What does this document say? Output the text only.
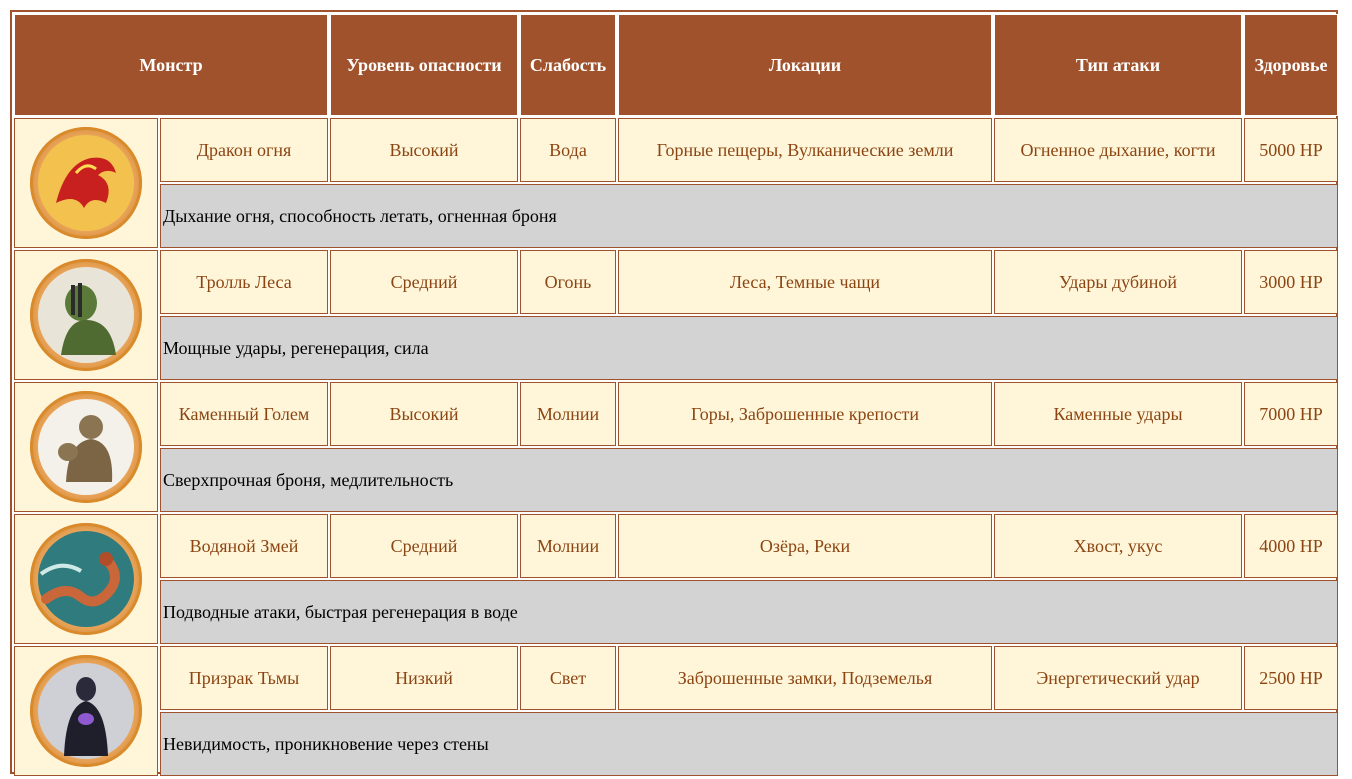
Монстр		Уровень опасности	Слабость	Локации	Тип атаки	Здоровье

	Дракон огня	Высокий	Вода	Горные пещеры, Вулканические земли	Огненное дыхание, когти	5000 HP
	Дыхание огня, способность летать, огненная броня					

	Тролль Леса	Средний	Огонь	Леса, Темные чащи	Удары дубиной	3000 HP
	Мощные удары, регенерация, сила					

	Каменный Голем	Высокий	Молнии	Горы, Заброшенные крепости	Каменные удары	7000 HP
	Сверхпрочная броня, медлительность					

	Водяной Змей	Средний	Молнии	Озёра, Реки	Хвост, укус	4000 HP
	Подводные атаки, быстрая регенерация в воде					

	Призрак Тьмы	Низкий	Свет	Заброшенные замки, Подземелья	Энергетический удар	2500 HP
	Невидимость, проникновение через стены					
